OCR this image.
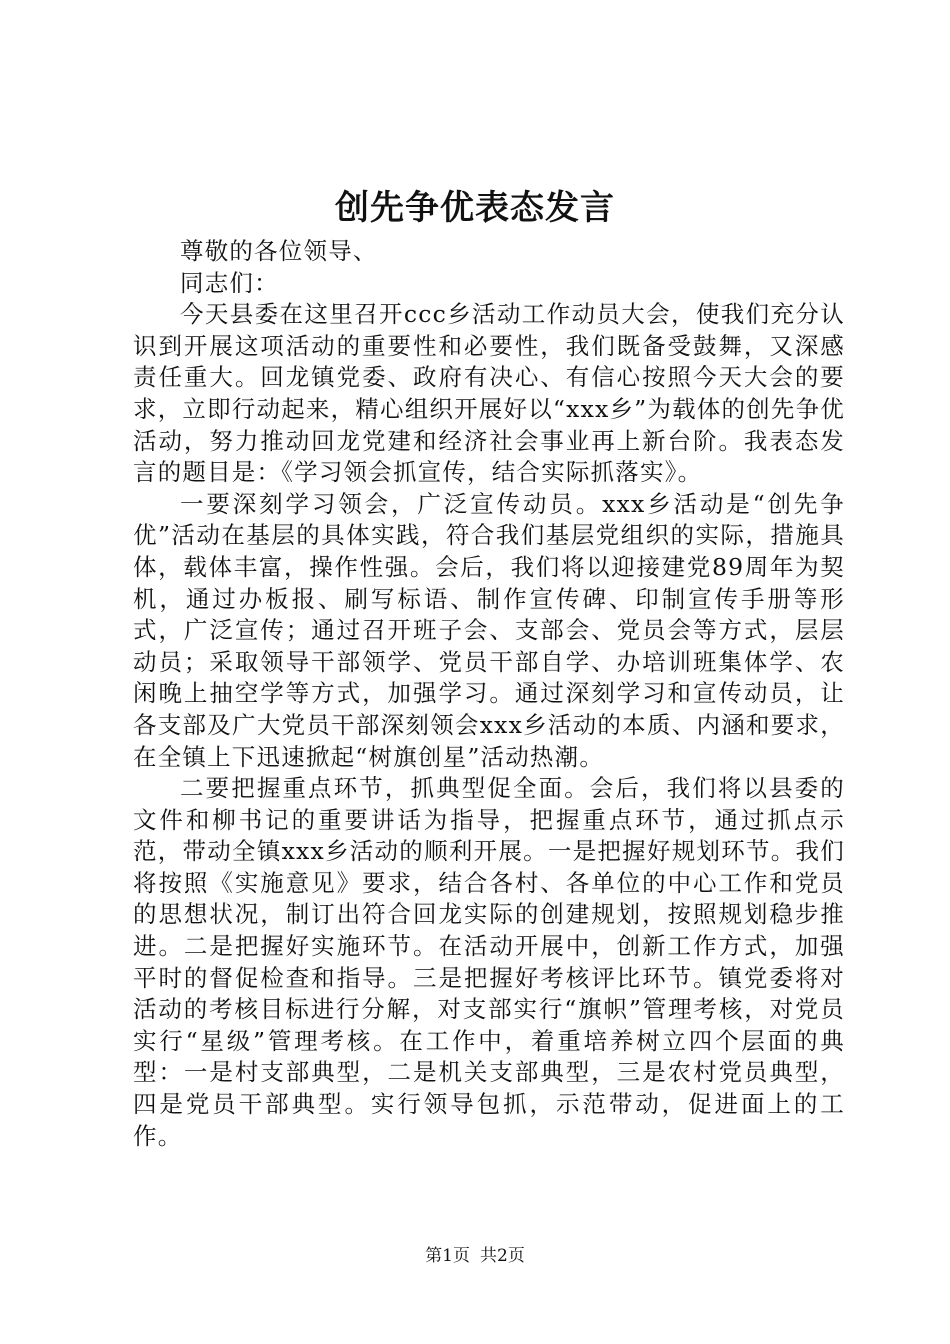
创先争优表态发言

尊敬的各位领导、

同志们：

今天县委在这里召开ccc乡活动工作动员大会，使我们充分认识到开展这项活动的重要性和必要性，我们既备受鼓舞，又深感责任重大。回龙镇党委、政府有决心、有信心按照今天大会的要求，立即行动起来，精心组织开展好以“xxx乡”为载体的创先争优活动，努力推动回龙党建和经济社会事业再上新台阶。我表态发言的题目是：《学习领会抓宣传，结合实际抓落实》。

一要深刻学习领会，广泛宣传动员。xxx乡活动是“创先争优”活动在基层的具体实践，符合我们基层党组织的实际，措施具体，载体丰富，操作性强。会后，我们将以迎接建党89周年为契机，通过办板报、刷写标语、制作宣传碑、印制宣传手册等形式，广泛宣传；通过召开班子会、支部会、党员会等方式，层层动员；采取领导干部领学、党员干部自学、办培训班集体学、农闲晚上抽空学等方式，加强学习。通过深刻学习和宣传动员，让各支部及广大党员干部深刻领会xxx乡活动的本质、内涵和要求，在全镇上下迅速掀起“树旗创星”活动热潮。

二要把握重点环节，抓典型促全面。会后，我们将以县委的文件和柳书记的重要讲话为指导，把握重点环节，通过抓点示范，带动全镇xxx乡活动的顺利开展。一是把握好规划环节。我们将按照《实施意见》要求，结合各村、各单位的中心工作和党员的思想状况，制订出符合回龙实际的创建规划，按照规划稳步推进。二是把握好实施环节。在活动开展中，创新工作方式，加强平时的督促检查和指导。三是把握好考核评比环节。镇党委将对活动的考核目标进行分解，对支部实行“旗帜”管理考核，对党员实行“星级”管理考核。在工作中，着重培养树立四个层面的典型：一是村支部典型，二是机关支部典型，三是农村党员典型，四是党员干部典型。实行领导包抓，示范带动，促进面上的工作。

第1页 共2页
